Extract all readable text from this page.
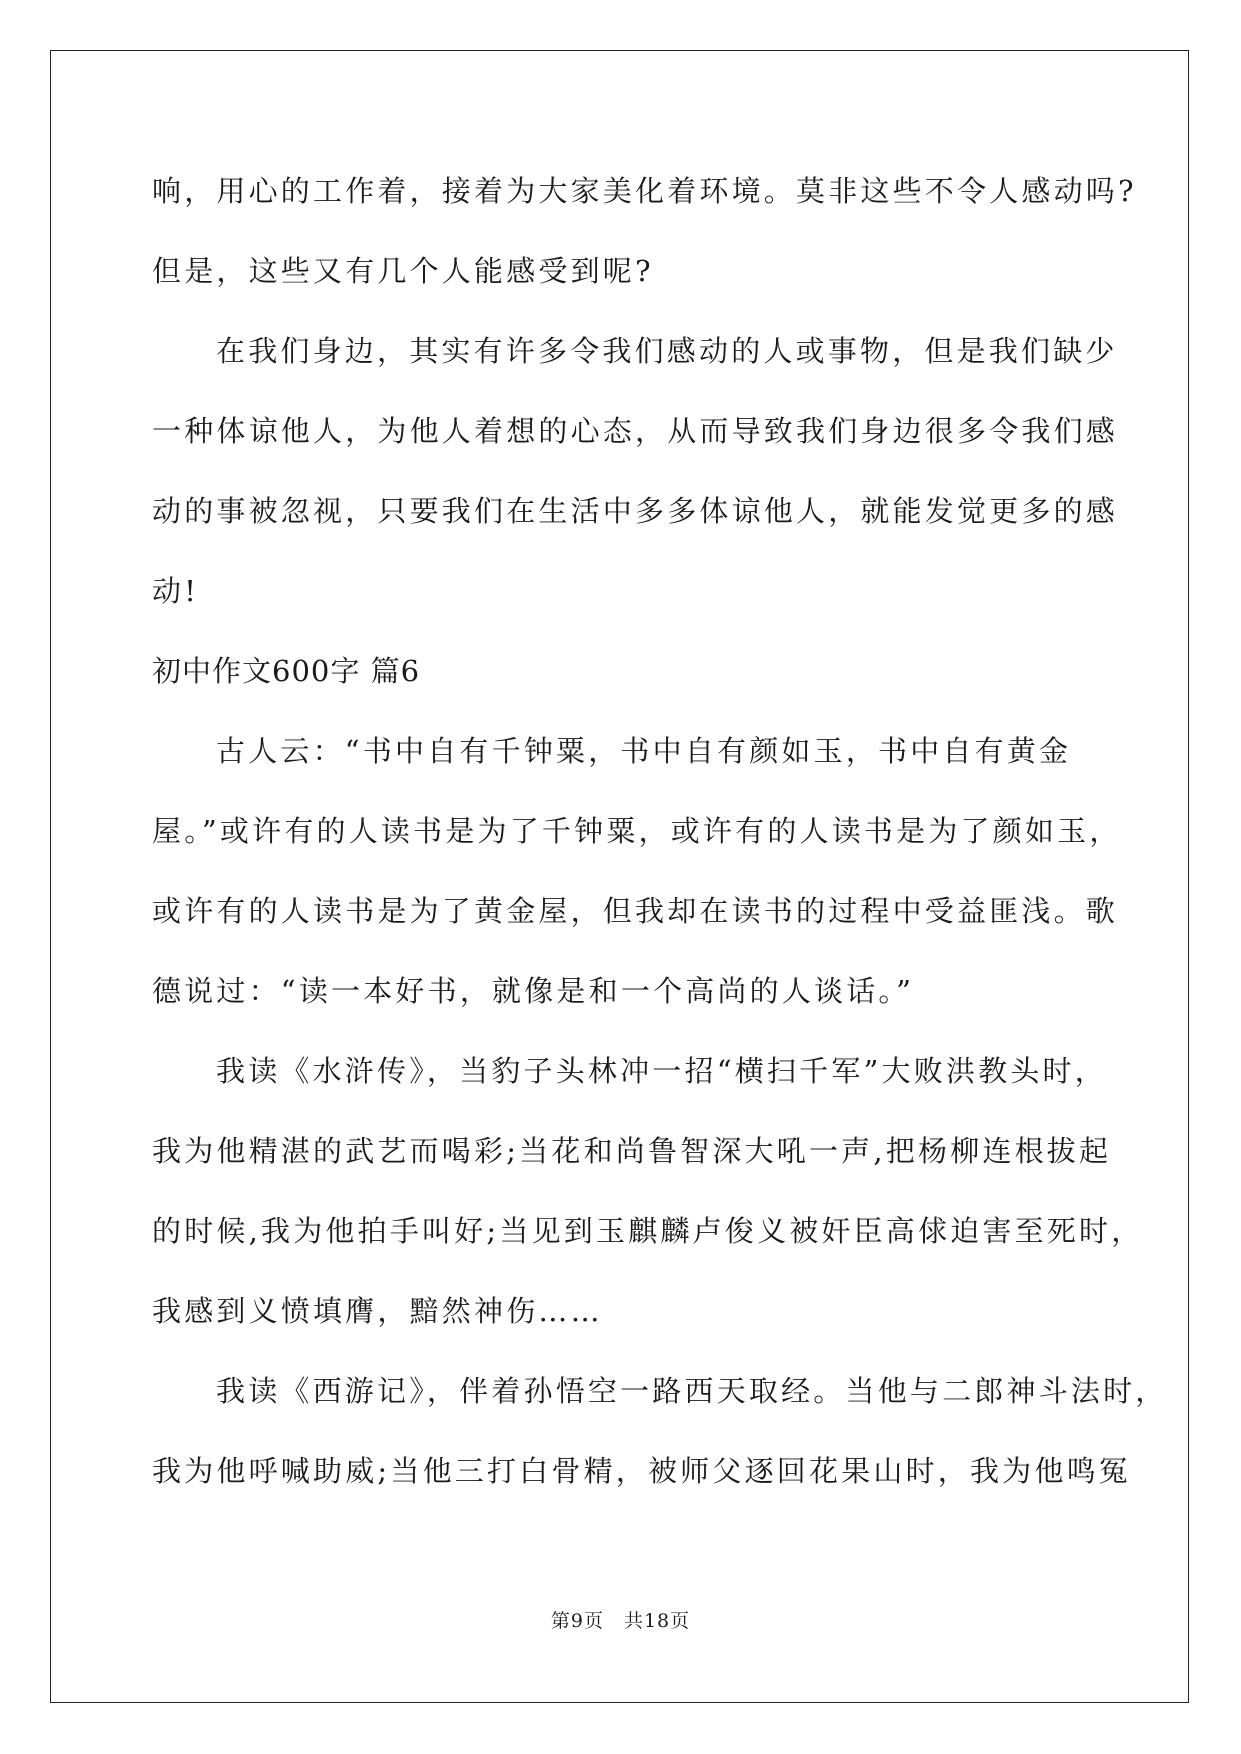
响，用心的工作着，接着为大家美化着环境。莫非这些不令人感动吗?
但是，这些又有几个人能感受到呢?
在我们身边，其实有许多令我们感动的人或事物，但是我们缺少
一种体谅他人，为他人着想的心态，从而导致我们身边很多令我们感
动的事被忽视，只要我们在生活中多多体谅他人，就能发觉更多的感
动!
初中作文600字 篇6
古人云：“书中自有千钟粟，书中自有颜如玉，书中自有黄金
屋。”或许有的人读书是为了千钟粟，或许有的人读书是为了颜如玉，
或许有的人读书是为了黄金屋，但我却在读书的过程中受益匪浅。歌
德说过：“读一本好书，就像是和一个高尚的人谈话。”
我读《水浒传》，当豹子头林冲一招“横扫千军”大败洪教头时，
我为他精湛的武艺而喝彩;当花和尚鲁智深大吼一声,把杨柳连根拔起
的时候,我为他拍手叫好;当见到玉麒麟卢俊义被奸臣高俅迫害至死时，
我感到义愤填膺，黯然神伤……
我读《西游记》，伴着孙悟空一路西天取经。当他与二郎神斗法时，
我为他呼喊助威;当他三打白骨精，被师父逐回花果山时，我为他鸣冤
第9页 共18页
